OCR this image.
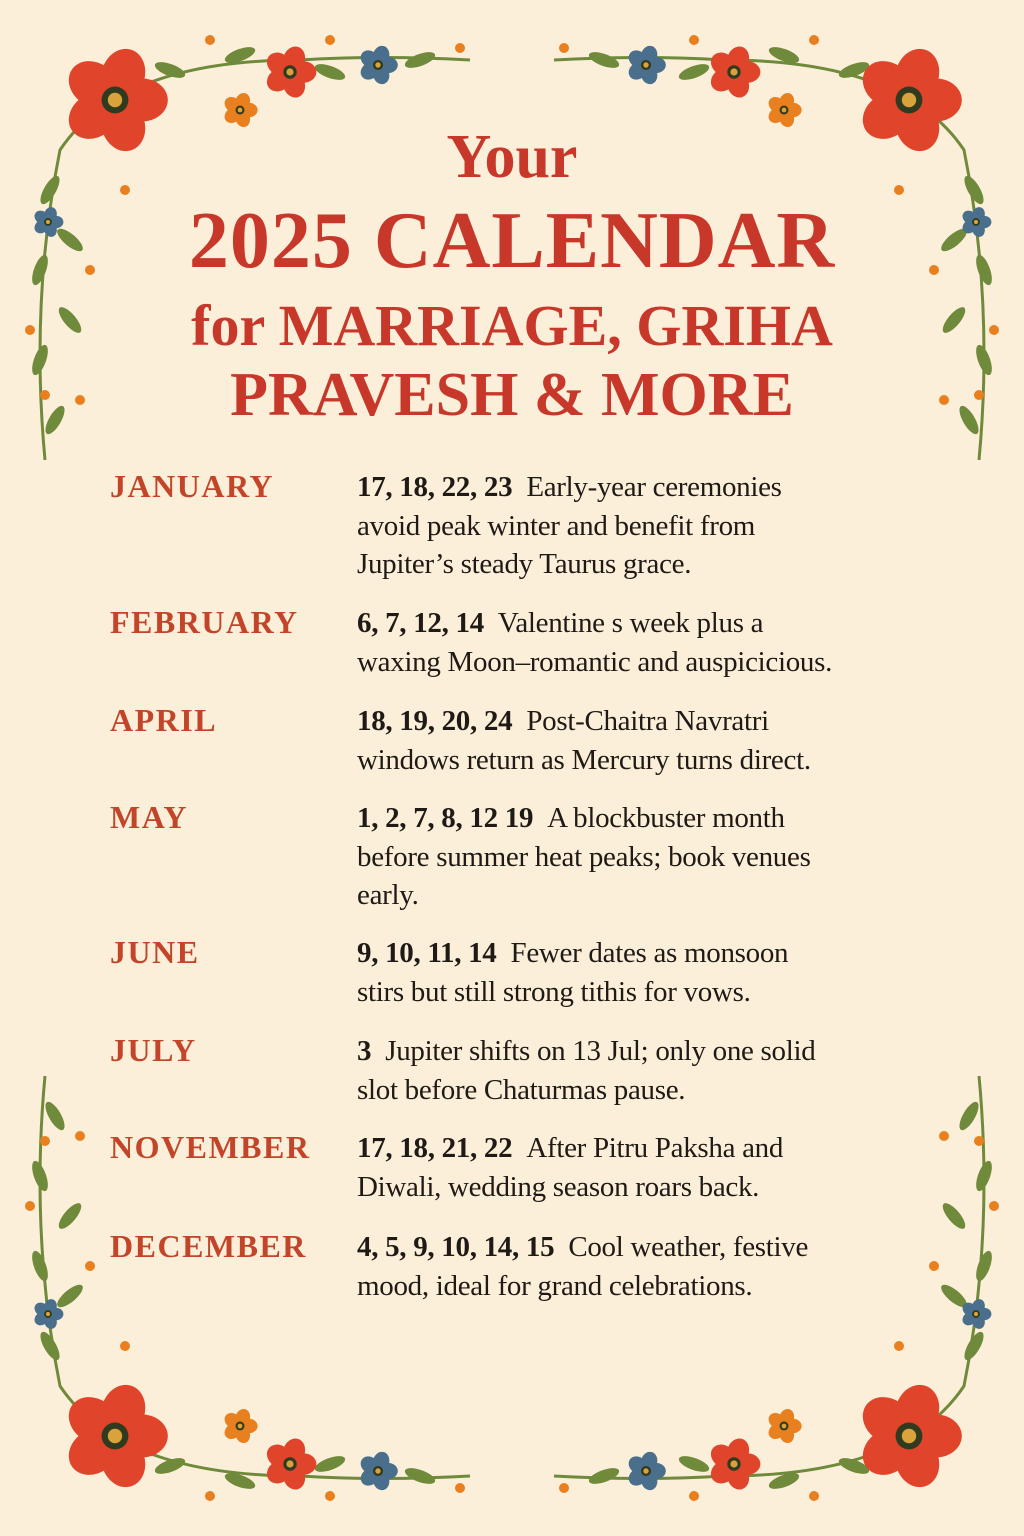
Your
2025 CALENDAR
for MARRIAGE, GRIHA
PRAVESH & MORE
JANUARY	17, 18, 22, 23 Early-year ceremonies
avoid peak winter and benefit from
Jupiter’s steady Taurus grace.
FEBRUARY 6, 7, 12, 14 Valentine s week plus a
waxing Moon–romantic and auspicicious.
APRIL	18, 19, 20, 24 Post-Chaitra Navratri
windows return as Mercury turns direct.
MAY	1, 2, 7, 8, 12 19 A blockbuster month
before summer heat peaks; book venues
early.
JUNE	9, 10, 11, 14 Fewer dates as monsoon
stirs but still strong tithis for vows.
JULY	3 Jupiter shifts on 13 Jul; only one solid
slot before Chaturmas pause.
NOVEMBER 17, 18, 21, 22 After Pitru Paksha and
Diwali, wedding season roars back.
DECEMBER 4, 5, 9, 10, 14, 15 Cool weather, festive
mood, ideal for grand celebrations.
